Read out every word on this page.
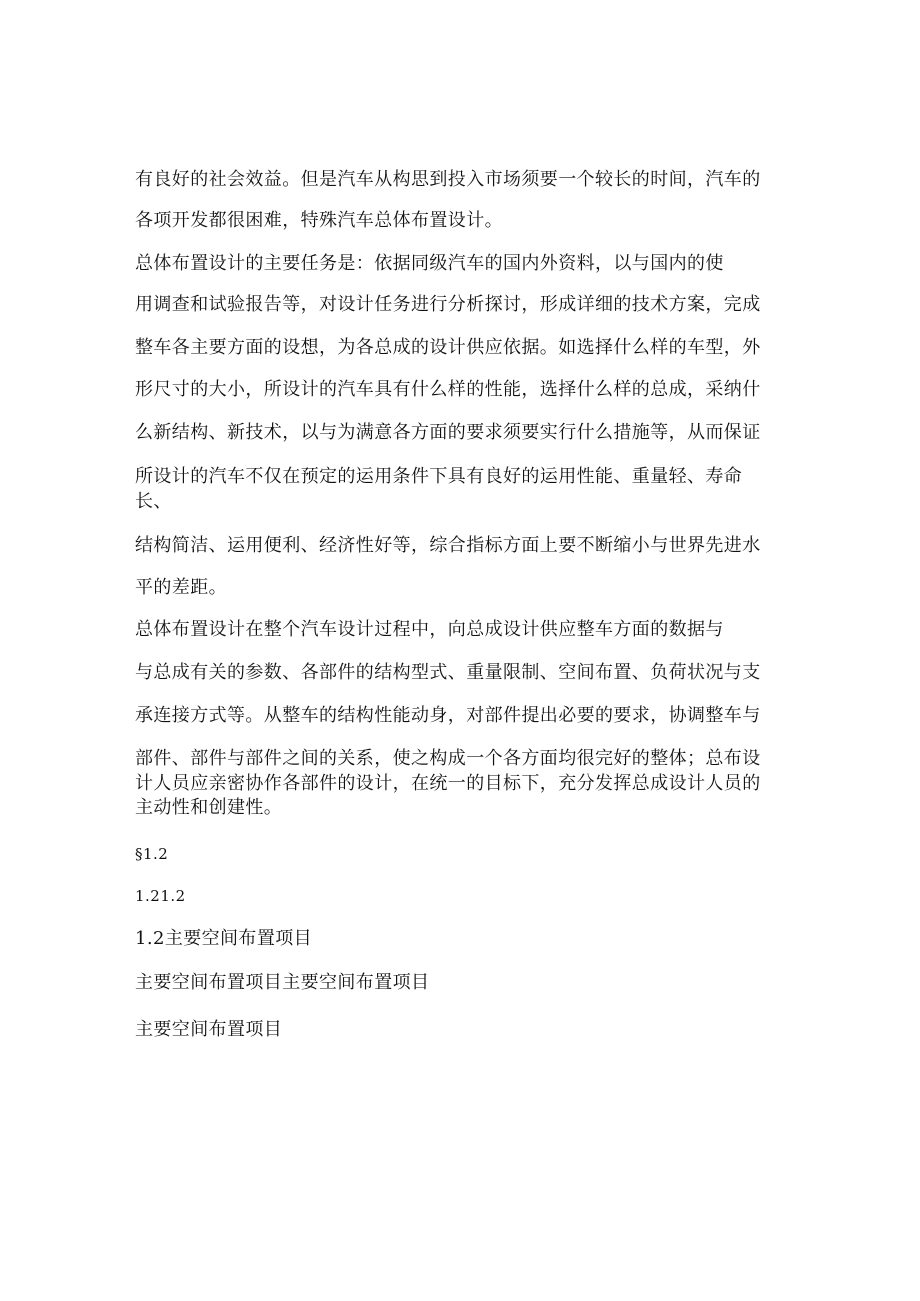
有良好的社会效益。但是汽车从构思到投入市场须要一个较长的时间，汽车的
各项开发都很困难，特殊汽车总体布置设计。
总体布置设计的主要任务是：依据同级汽车的国内外资料，以与国内的使
用调查和试验报告等，对设计任务进行分析探讨，形成详细的技术方案，完成
整车各主要方面的设想，为各总成的设计供应依据。如选择什么样的车型，外
形尺寸的大小，所设计的汽车具有什么样的性能，选择什么样的总成，采纳什
么新结构、新技术，以与为满意各方面的要求须要实行什么措施等，从而保证
所设计的汽车不仅在预定的运用条件下具有良好的运用性能、重量轻、寿命
长、
结构简洁、运用便利、经济性好等，综合指标方面上要不断缩小与世界先进水
平的差距。
总体布置设计在整个汽车设计过程中，向总成设计供应整车方面的数据与
与总成有关的参数、各部件的结构型式、重量限制、空间布置、负荷状况与支
承连接方式等。从整车的结构性能动身，对部件提出必要的要求，协调整车与
部件、部件与部件之间的关系，使之构成一个各方面均很完好的整体；总布设
计人员应亲密协作各部件的设计，在统一的目标下，充分发挥总成设计人员的
主动性和创建性。
§1.2
1.21.2
1.2主要空间布置项目
主要空间布置项目主要空间布置项目
主要空间布置项目
